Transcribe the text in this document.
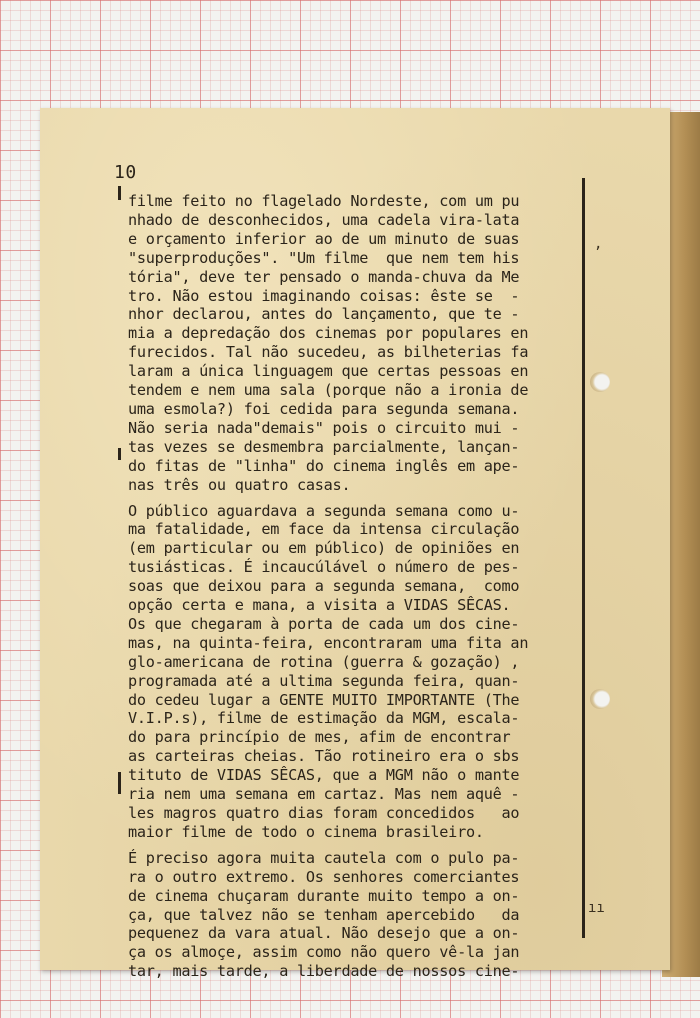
10
,
ıı
filme feito no flagelado Nordeste, com um pu
nhado de desconhecidos, uma cadela vira-lata
e orçamento inferior ao de um minuto de suas
"superproduções". "Um filme  que nem tem his
tória", deve ter pensado o manda-chuva da Me
tro. Não estou imaginando coisas: êste se  -
nhor declarou, antes do lançamento, que te -
mia a depredação dos cinemas por populares en
furecidos. Tal não sucedeu, as bilheterias fa
laram a única linguagem que certas pessoas en
tendem e nem uma sala (porque não a ironia de
uma esmola?) foi cedida para segunda semana.
Não seria nada"demais" pois o circuito mui -
tas vezes se desmembra parcialmente, lançan-
do fitas de "linha" do cinema inglês em ape-
nas três ou quatro casas.
O público aguardava a segunda semana como u-
ma fatalidade, em face da intensa circulação
(em particular ou em público) de opiniões en
tusiásticas. É incaucúlável o número de pes-
soas que deixou para a segunda semana,  como
opção certa e mana, a visita a VIDAS SÊCAS.
Os que chegaram à porta de cada um dos cine-
mas, na quinta-feira, encontraram uma fita an
glo-americana de rotina (guerra & gozação) ,
programada até a ultima segunda feira, quan-
do cedeu lugar a GENTE MUITO IMPORTANTE (The
V.I.P.s), filme de estimação da MGM, escala-
do para princípio de mes, afim de encontrar
as carteiras cheias. Tão rotineiro era o sbs
tituto de VIDAS SÊCAS, que a MGM não o mante
ria nem uma semana em cartaz. Mas nem aquê -
les magros quatro dias foram concedidos   ao
maior filme de todo o cinema brasileiro.
É preciso agora muita cautela com o pulo pa-
ra o outro extremo. Os senhores comerciantes
de cinema chuçaram durante muito tempo a on-
ça, que talvez não se tenham apercebido   da
pequenez da vara atual. Não desejo que a on-
ça os almoçe, assim como não quero vê-la jan
tar, mais tarde, a liberdade de nossos cine-
